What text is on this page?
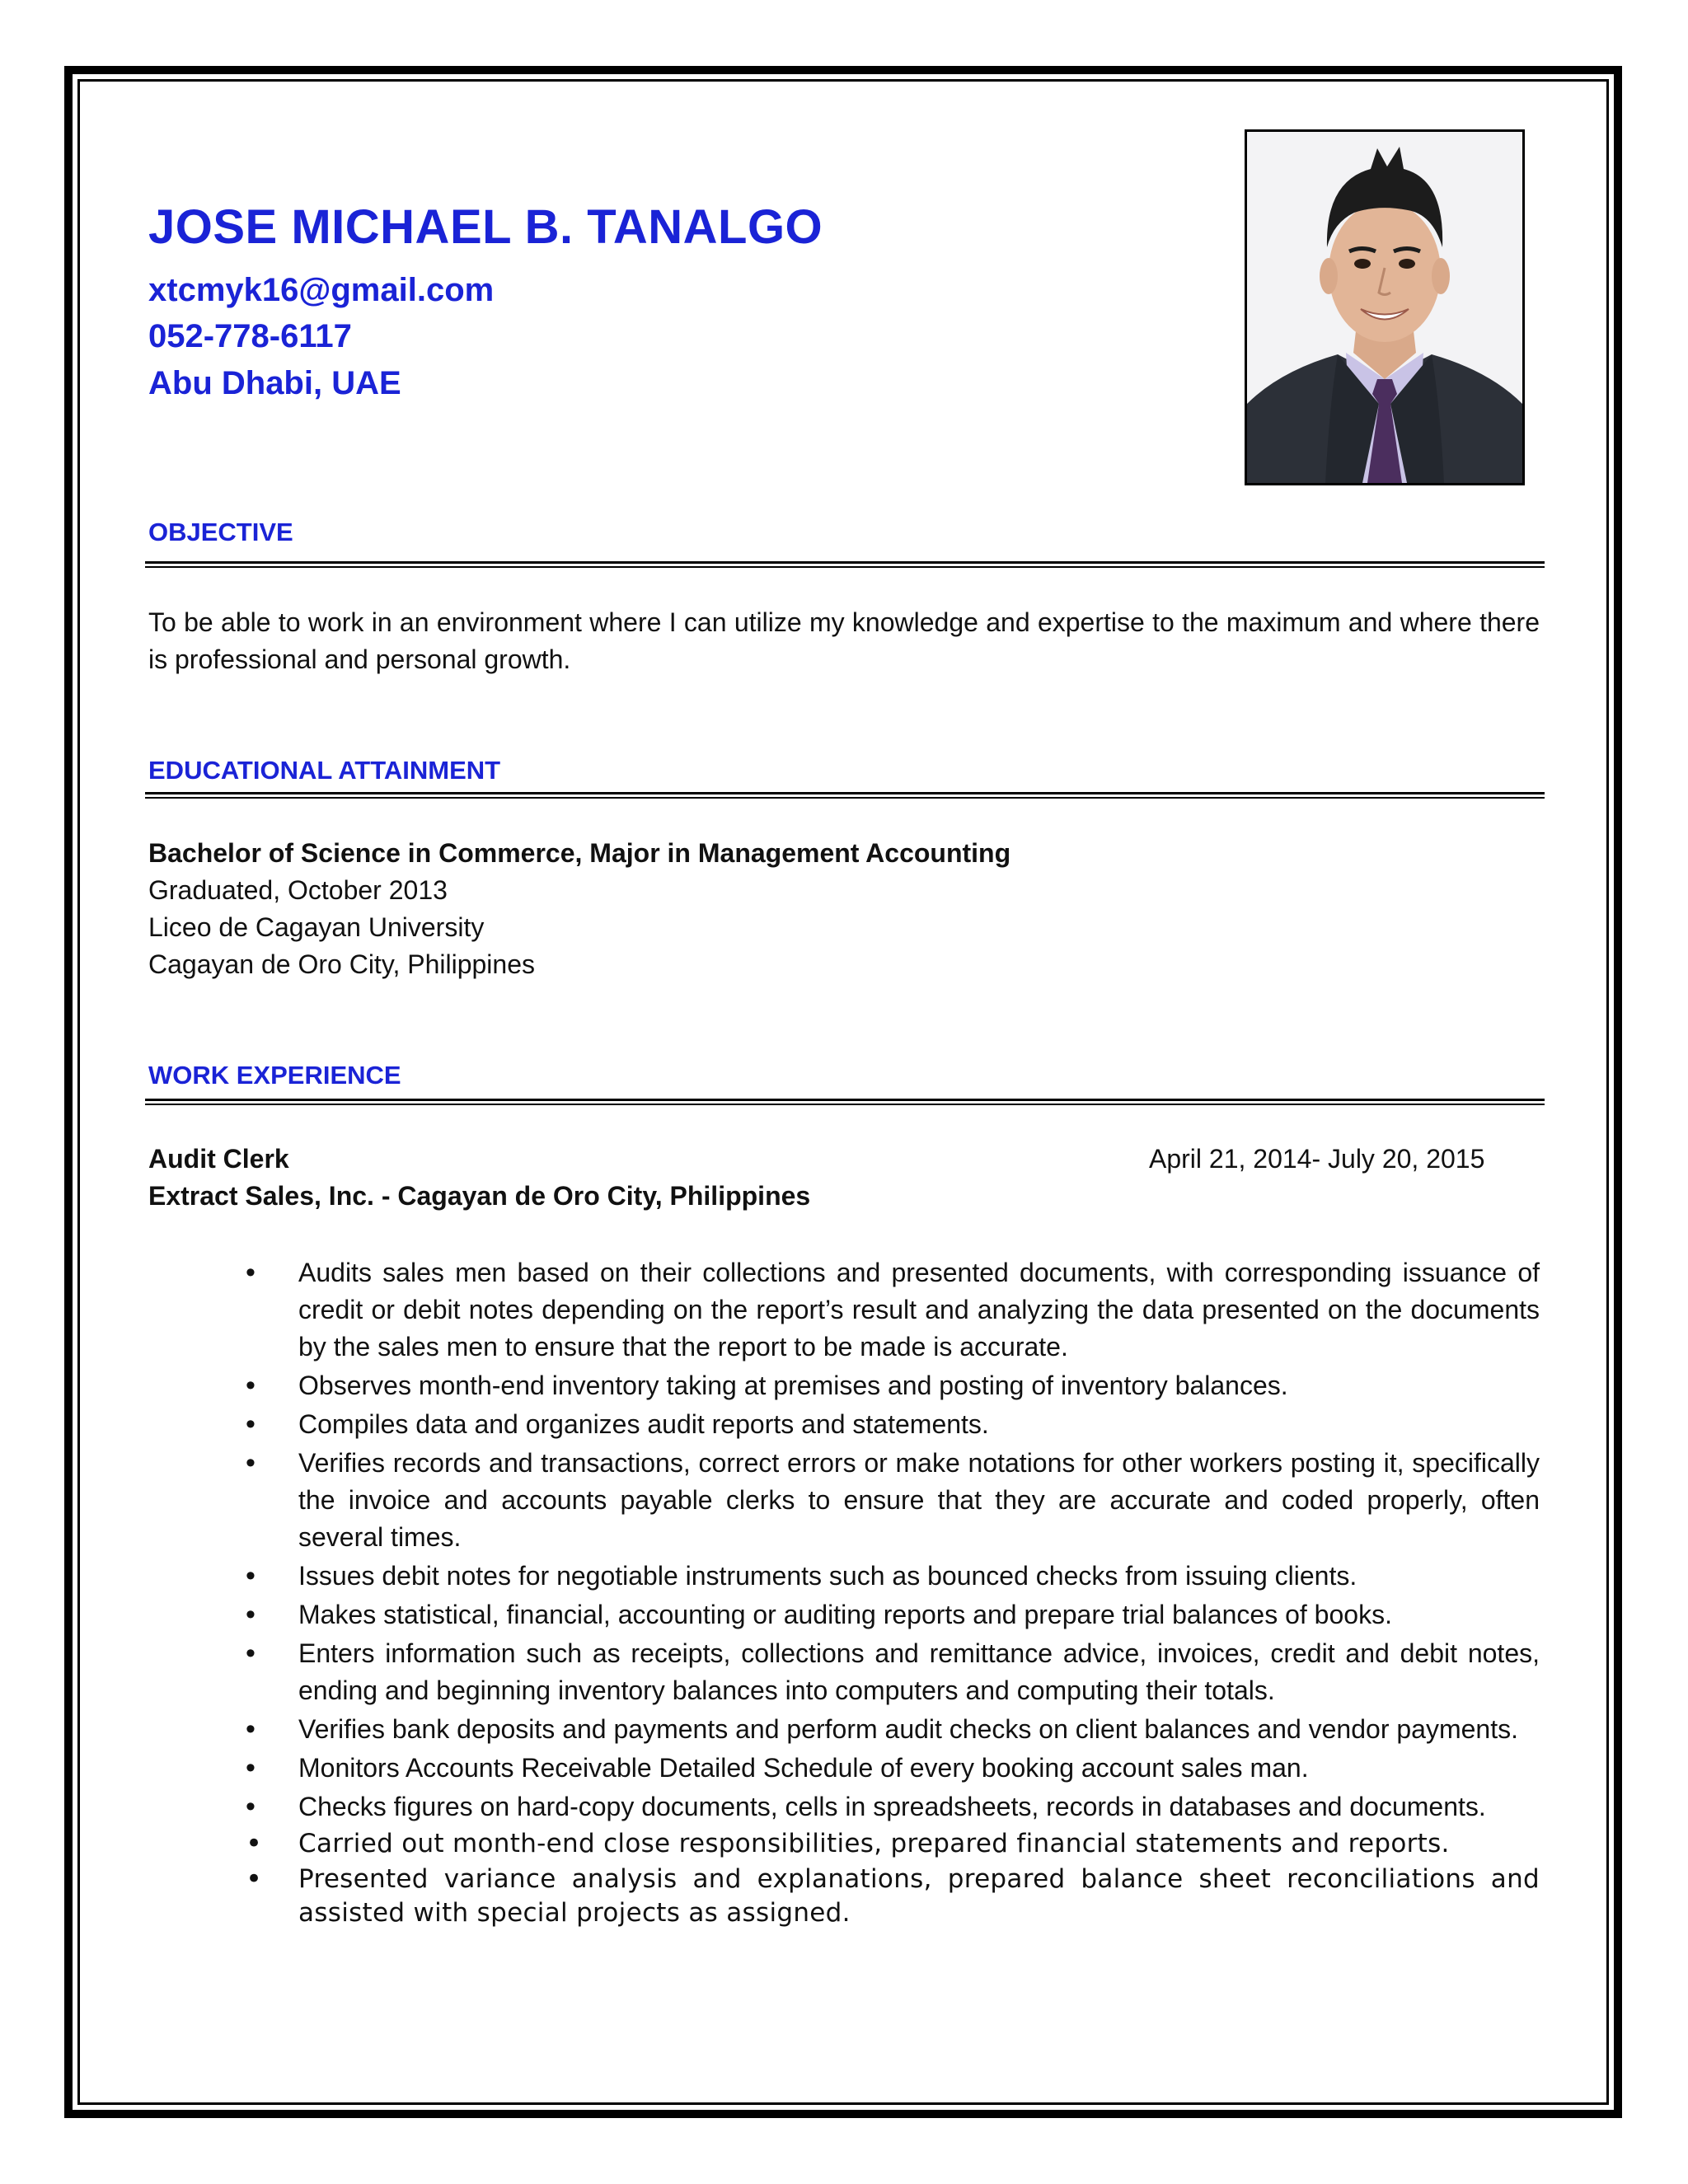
JOSE MICHAEL B. TANALGO
xtcmyk16@gmail.com
052-778-6117
Abu Dhabi, UAE
OBJECTIVE
To be able to work in an environment where I can utilize my knowledge and expertise to the maximum and where there is professional and personal growth.
EDUCATIONAL ATTAINMENT
Bachelor of Science in Commerce, Major in Management Accounting
Graduated, October 2013
Liceo de Cagayan University
Cagayan de Oro City, Philippines
WORK EXPERIENCE
Audit Clerk	April 21, 2014- July 20, 2015
Extract Sales, Inc. - Cagayan de Oro City, Philippines
• Audits sales men based on their collections and presented documents, with corresponding issuance of credit or debit notes depending on the report’s result and analyzing the data presented on the documents by the sales men to ensure that the report to be made is accurate.
• Observes month-end inventory taking at premises and posting of inventory balances.
• Compiles data and organizes audit reports and statements.
• Verifies records and transactions, correct errors or make notations for other workers posting it, specifically the invoice and accounts payable clerks to ensure that they are accurate and coded properly, often several times.
• Issues debit notes for negotiable instruments such as bounced checks from issuing clients.
• Makes statistical, financial, accounting or auditing reports and prepare trial balances of books.
• Enters information such as receipts, collections and remittance advice, invoices, credit and debit notes, ending and beginning inventory balances into computers and computing their totals.
• Verifies bank deposits and payments and perform audit checks on client balances and vendor payments.
• Monitors Accounts Receivable Detailed Schedule of every booking account sales man.
• Checks figures on hard-copy documents, cells in spreadsheets, records in databases and documents.
• Carried out month-end close responsibilities, prepared financial statements and reports.
• Presented variance analysis and explanations, prepared balance sheet reconciliations and assisted with special projects as assigned.
